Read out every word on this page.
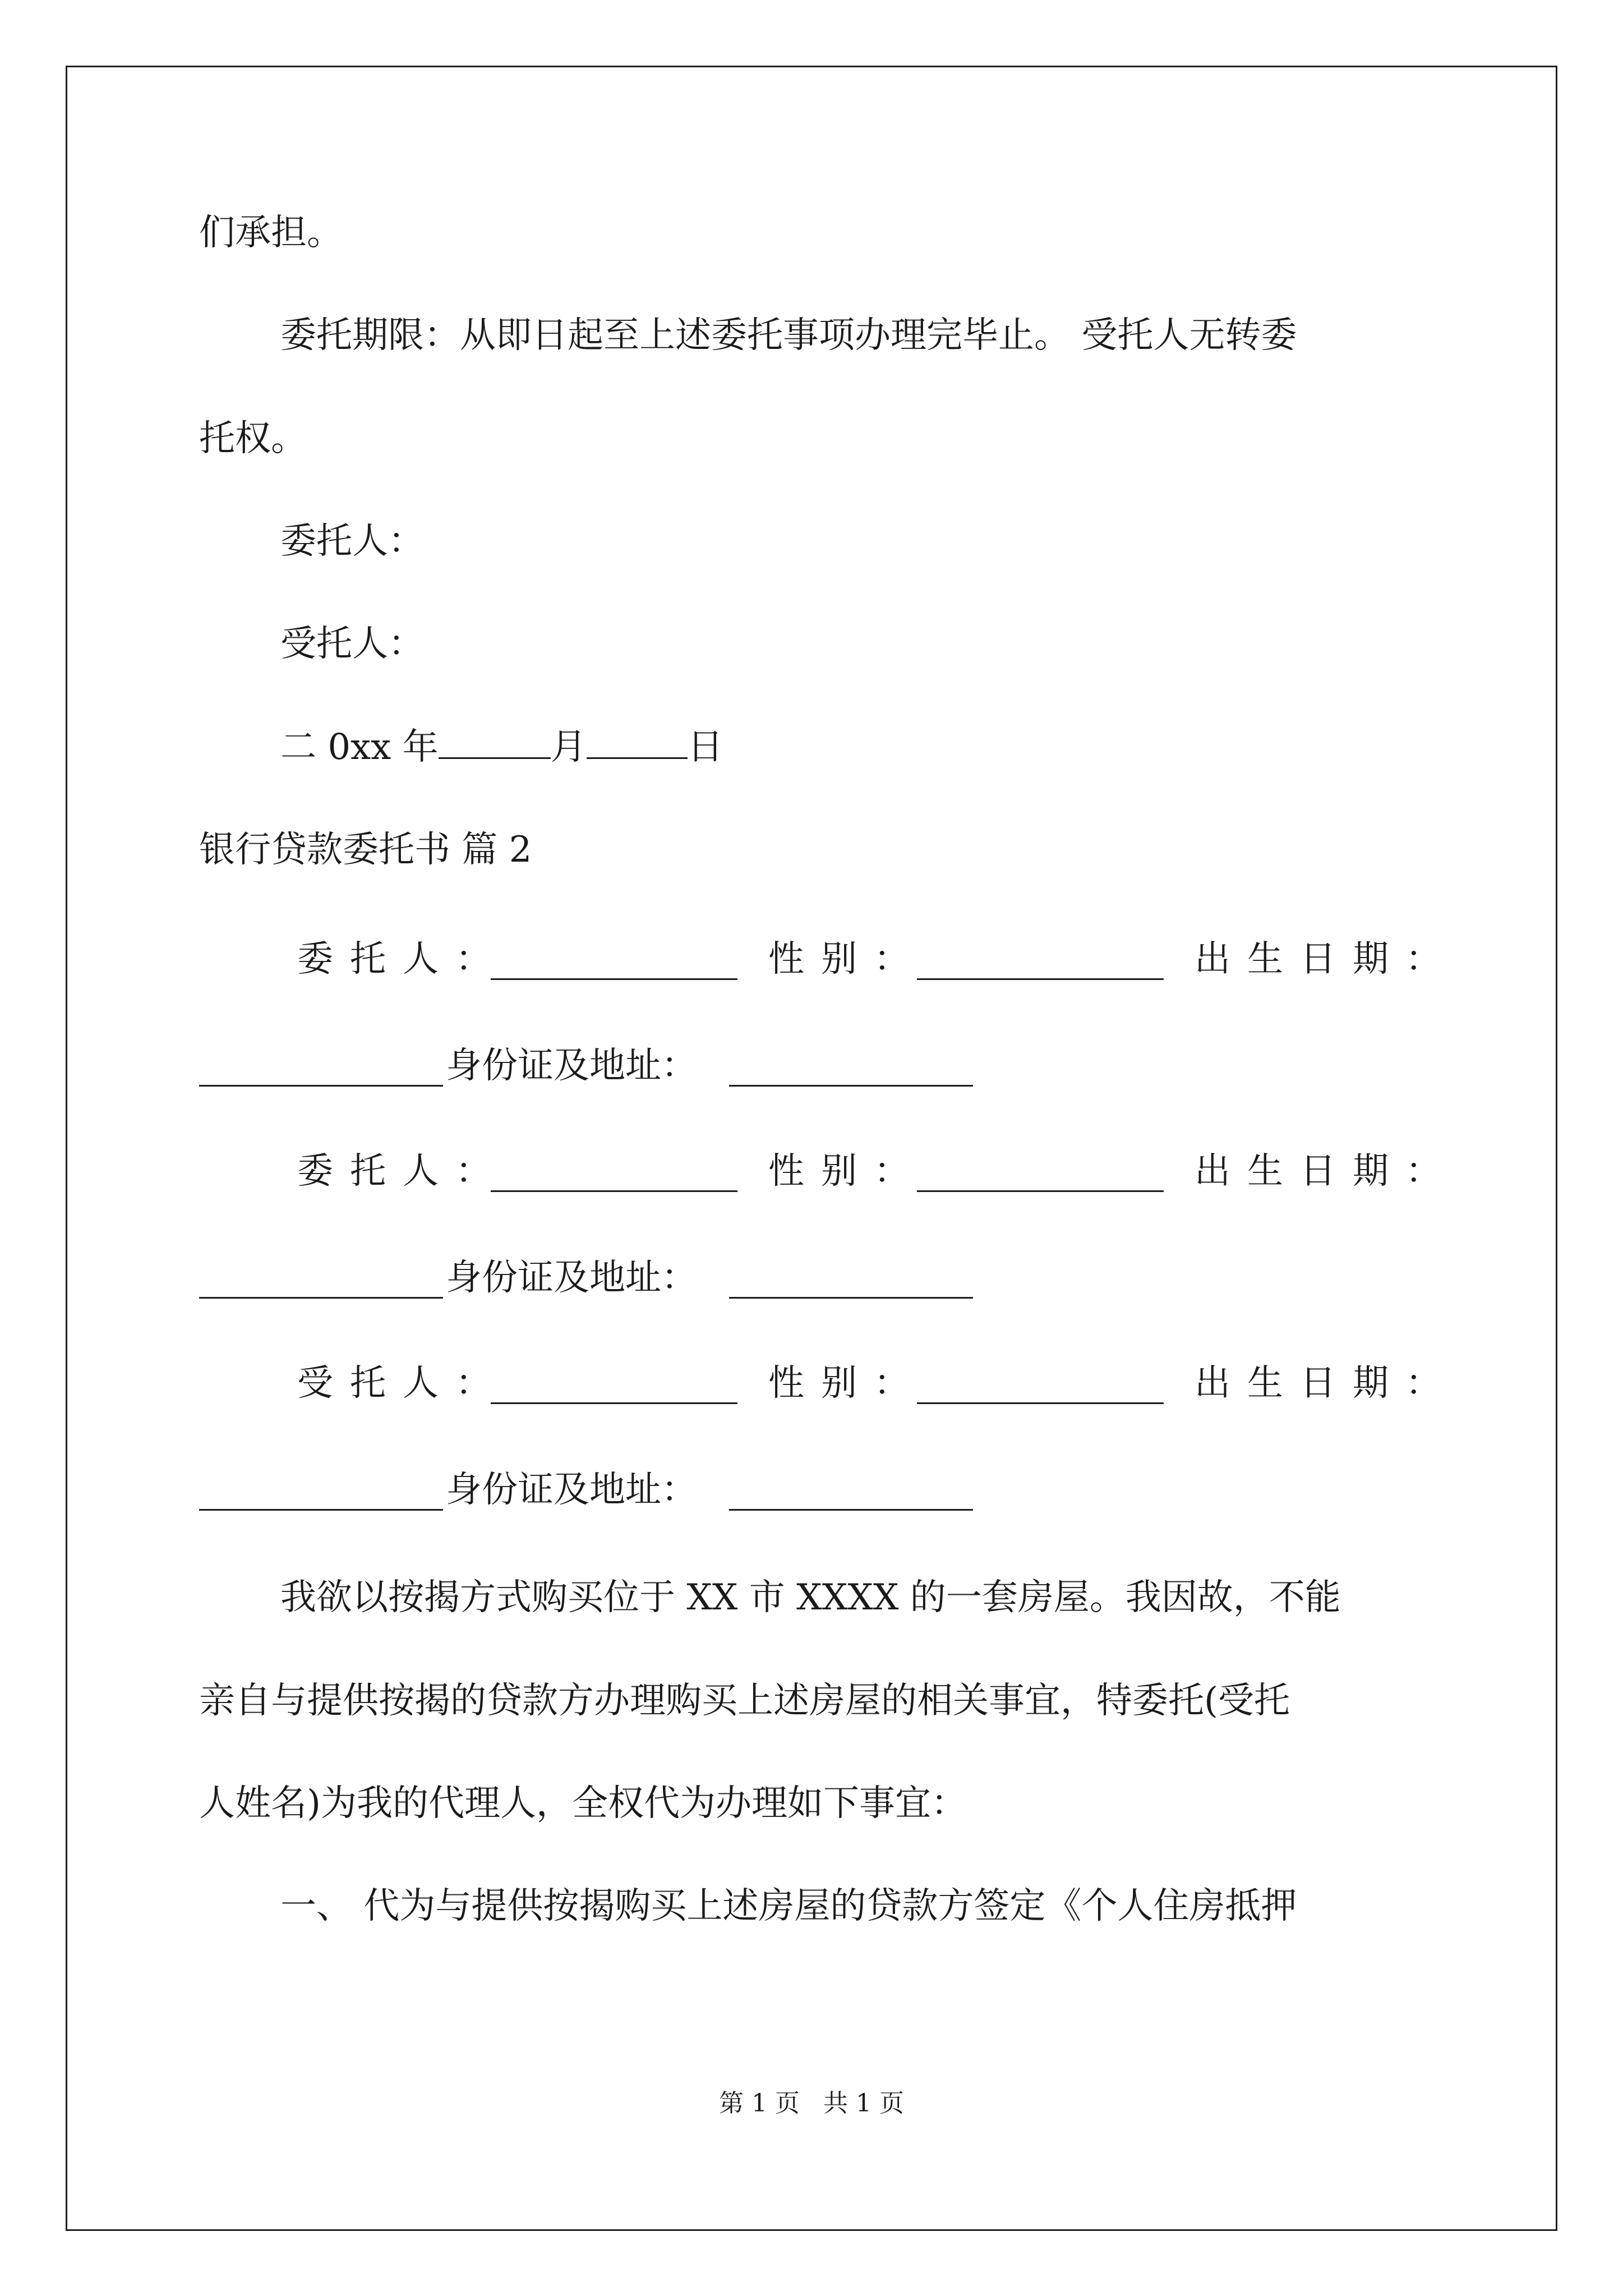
们承担。
委托期限：从即日起至上述委托事项办理完毕止。 受托人无转委
托权。
委托人：
受托人：
二 0xx 年	月	日
银行贷款委托书 篇 2
委托人：	性别：	出生日期：
身份证及地址：
委托人：	性别：	出生日期：
身份证及地址：
受托人：	性别：	出生日期：
身份证及地址：
我欲以按揭方式购买位于 XX 市 XXXX 的一套房屋。我因故，不能
亲自与提供按揭的贷款方办理购买上述房屋的相关事宜，特委托(受托
人姓名)为我的代理人，全权代为办理如下事宜：
一、 代为与提供按揭购买上述房屋的贷款方签定《个人住房抵押
第 1 页 共 1 页
